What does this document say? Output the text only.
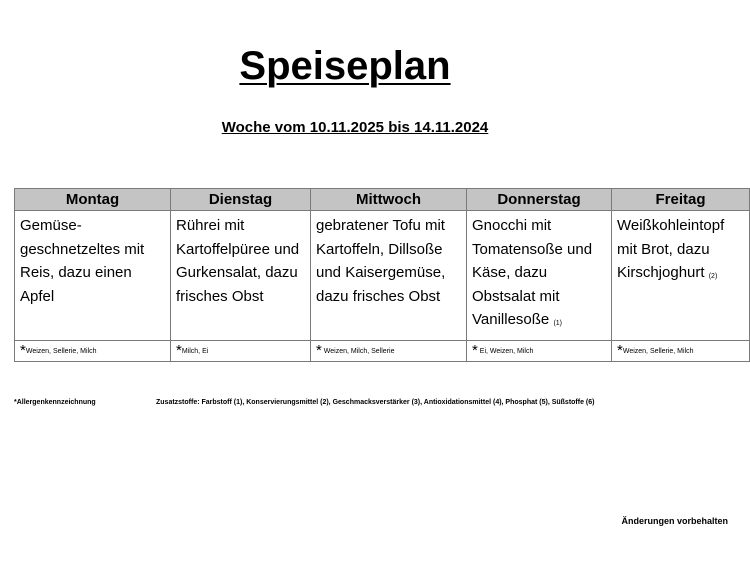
Speiseplan
Woche vom 10.11.2025 bis 14.11.2024
Montag	Dienstag	Mittwoch	Donnerstag	Freitag
Gemüse-geschnetzeltes mit Reis, dazu einen Apfel	Rührei mit Kartoffelpüree und Gurkensalat, dazu frisches Obst	gebratener Tofu mit Kartoffeln, Dillsoße und Kaisergemüse, dazu frisches Obst	Gnocchi mit Tomatensoße und Käse, dazu Obstsalat mit Vanillesoße (1)	Weißkohleintopf mit Brot, dazu Kirschjoghurt (2)
*Weizen, Sellerie, Milch	*Milch, Ei	* Weizen, Milch, Sellerie	* Ei, Weizen, Milch	*Weizen, Sellerie, Milch
*Allergenkennzeichnung	Zusatzstoffe: Farbstoff (1), Konservierungsmittel (2), Geschmacksverstärker (3), Antioxidationsmittel (4), Phosphat (5), Süßstoffe (6)
Änderungen vorbehalten
